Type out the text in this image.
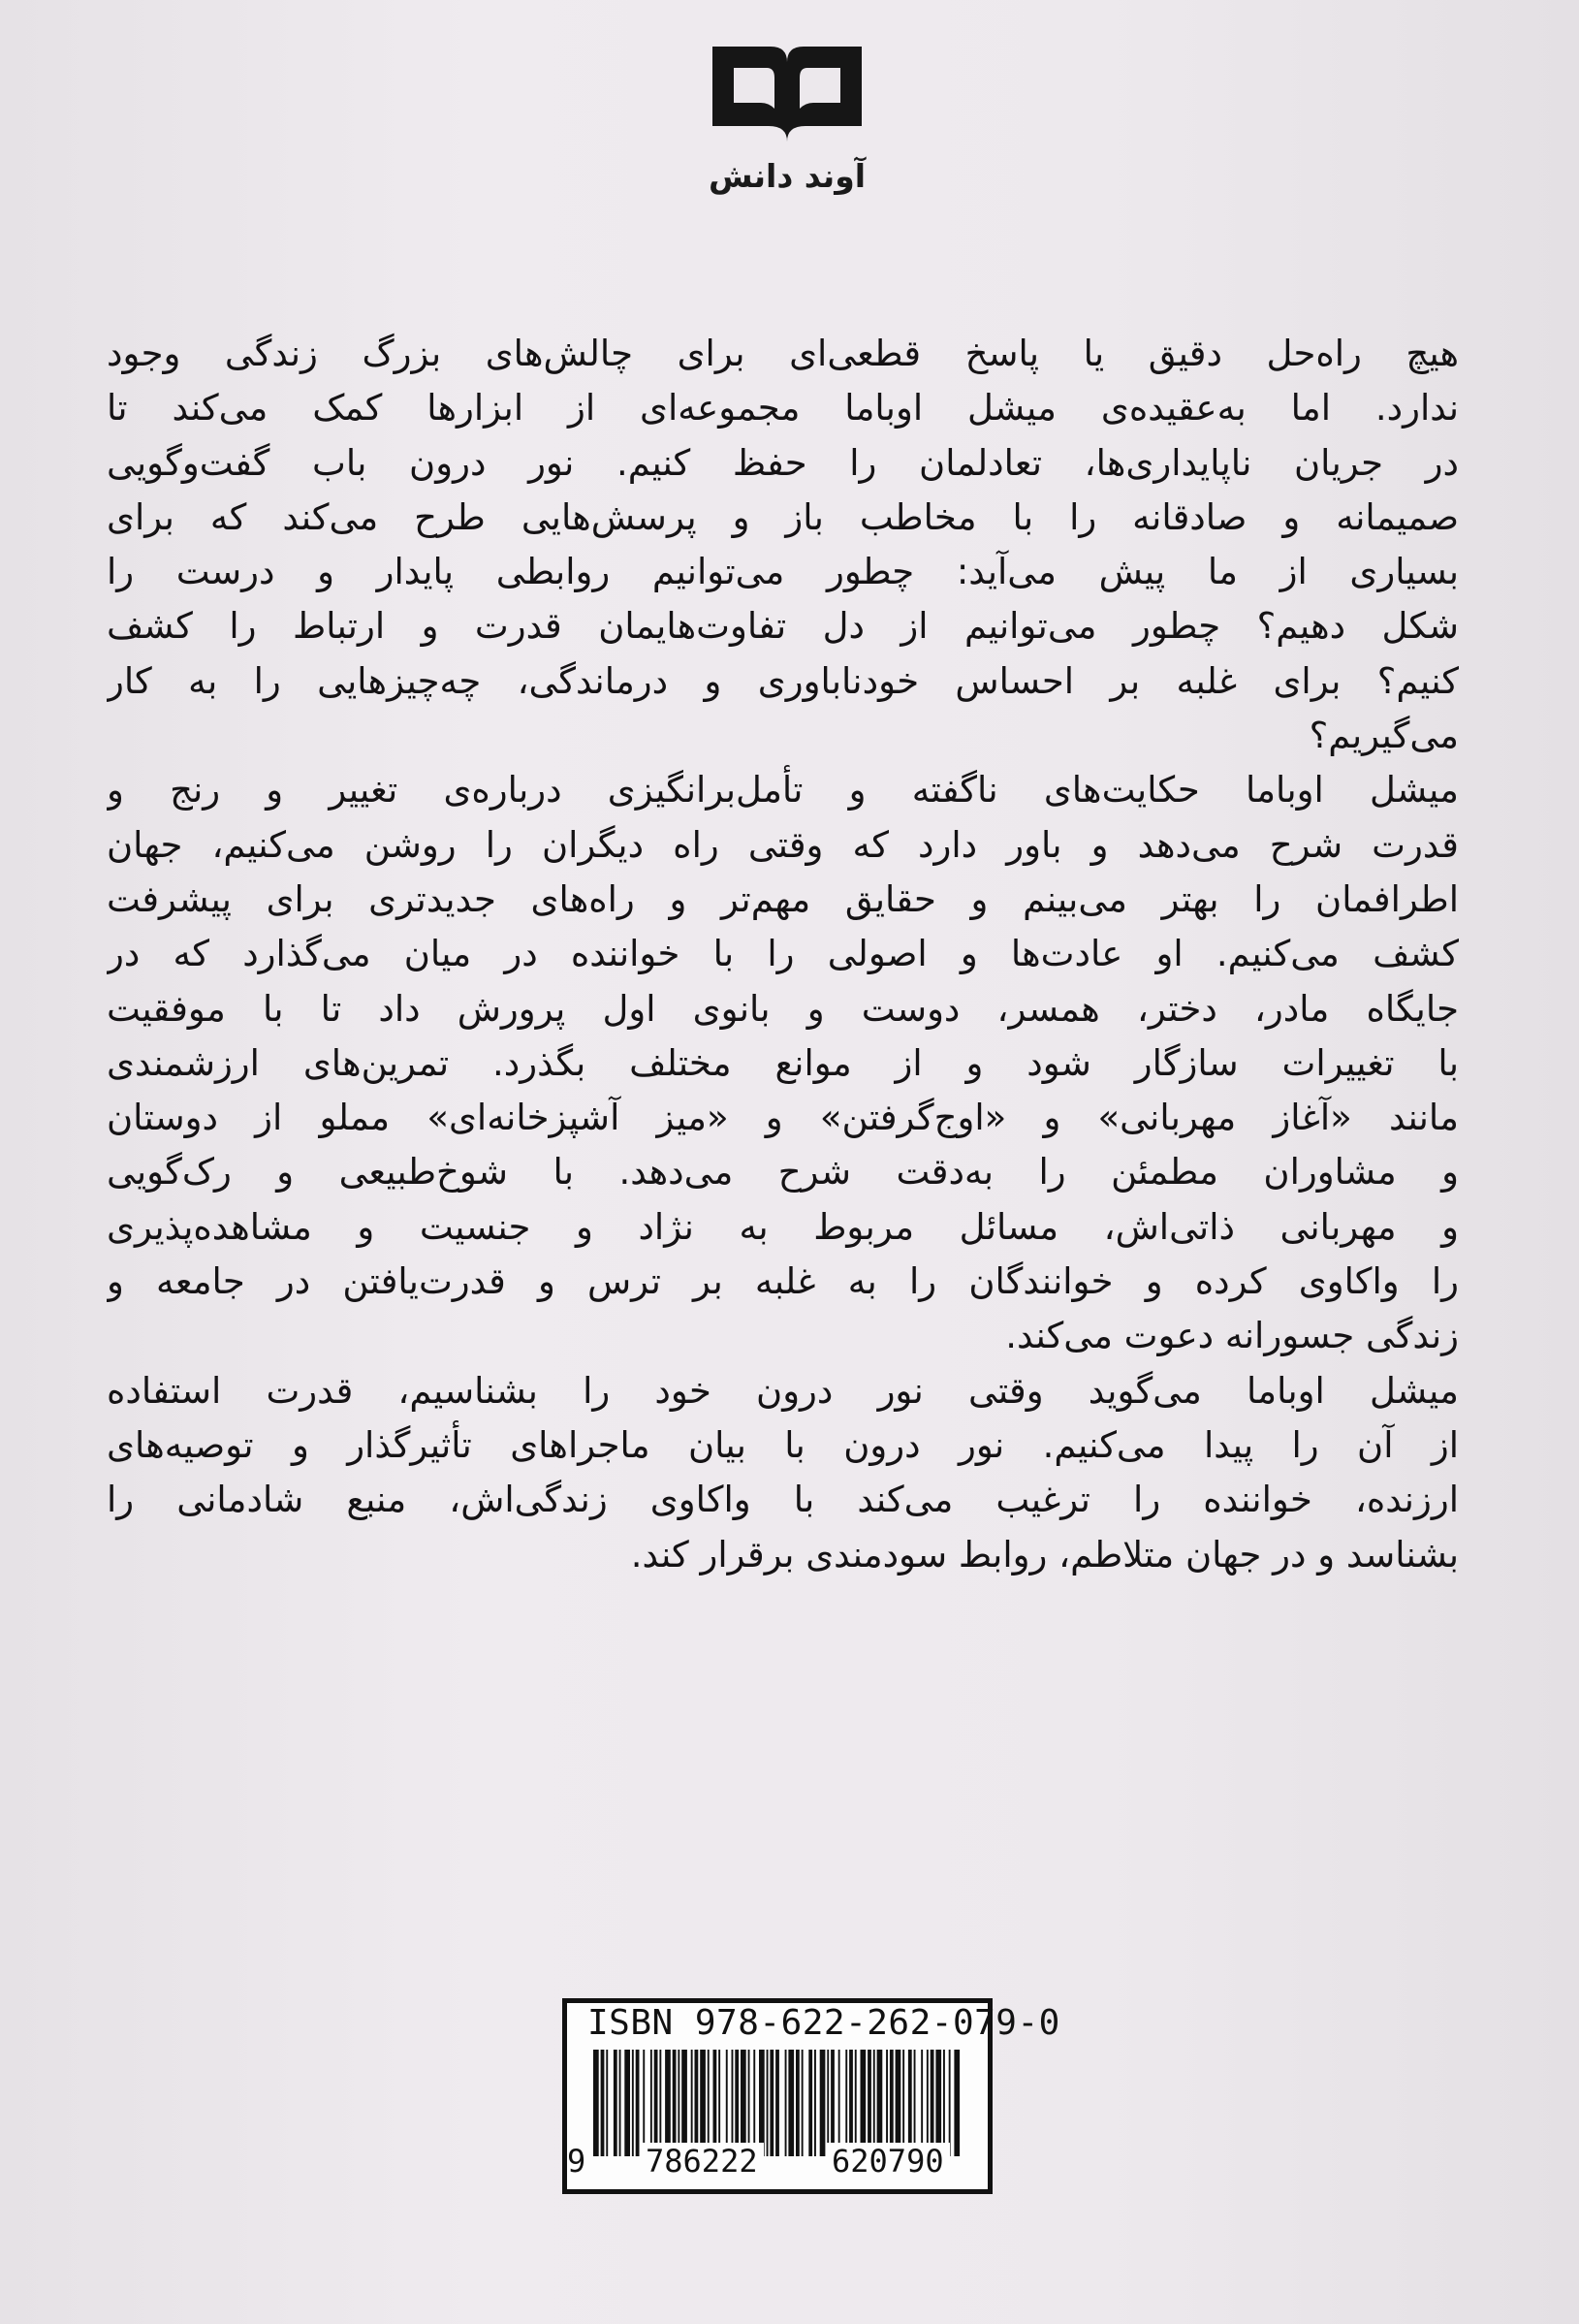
آوند دانش
هیچ راه‌حل دقیق یا پاسخ قطعی‌ای برای چالش‌های بزرگ زندگی وجود
ندارد. اما به‌عقیده‌ی میشل اوباما مجموعه‌ای از ابزارها کمک می‌کند تا
در جریان ناپایداری‌ها، تعادلمان را حفظ کنیم. نور درون باب گفت‌وگویی
صمیمانه و صادقانه را با مخاطب باز و پرسش‌هایی طرح می‌کند که برای
بسیاری از ما پیش می‌آید: چطور می‌توانیم روابطی پایدار و درست را
شکل دهیم؟ چطور می‌توانیم از دل تفاوت‌هایمان قدرت و ارتباط را کشف
کنیم؟ برای غلبه بر احساس خودناباوری و درماندگی، چه‌چیزهایی را به کار
می‌گیریم؟
میشل اوباما حکایت‌های ناگفته و تأمل‌برانگیزی درباره‌ی تغییر و رنج و
قدرت شرح می‌دهد و باور دارد که وقتی راه دیگران را روشن می‌کنیم، جهان
اطرافمان را بهتر می‌بینم و حقایق مهم‌تر و راه‌های جدیدتری برای پیشرفت
کشف می‌کنیم. او عادت‌ها و اصولی را با خواننده در میان می‌گذارد که در
جایگاه مادر، دختر، همسر، دوست و بانوی اول پرورش داد تا با موفقیت
با تغییرات سازگار شود و از موانع مختلف بگذرد. تمرین‌های ارزشمندی
مانند «آغاز مهربانی» و «اوج‌گرفتن» و «میز آشپزخانه‌ای» مملو از دوستان
و مشاوران مطمئن را به‌دقت شرح می‌دهد. با شوخ‌طبیعی و رک‌گویی
و مهربانی ذاتی‌اش، مسائل مربوط به نژاد و جنسیت و مشاهده‌پذیری
را واکاوی کرده و خوانندگان را به غلبه بر ترس و قدرت‌یافتن در جامعه و
زندگی جسورانه دعوت می‌کند.
میشل اوباما می‌گوید وقتی نور درون خود را بشناسیم، قدرت استفاده
از آن را پیدا می‌کنیم. نور درون با بیان ماجراهای تأثیرگذار و توصیه‌های
ارزنده، خواننده را ترغیب می‌کند با واکاوی زندگی‌اش، منبع شادمانی را
بشناسد و در جهان متلاطم، روابط سودمندی برقرار کند.
ISBN 978-622-262-079-0
9 786222 620790
